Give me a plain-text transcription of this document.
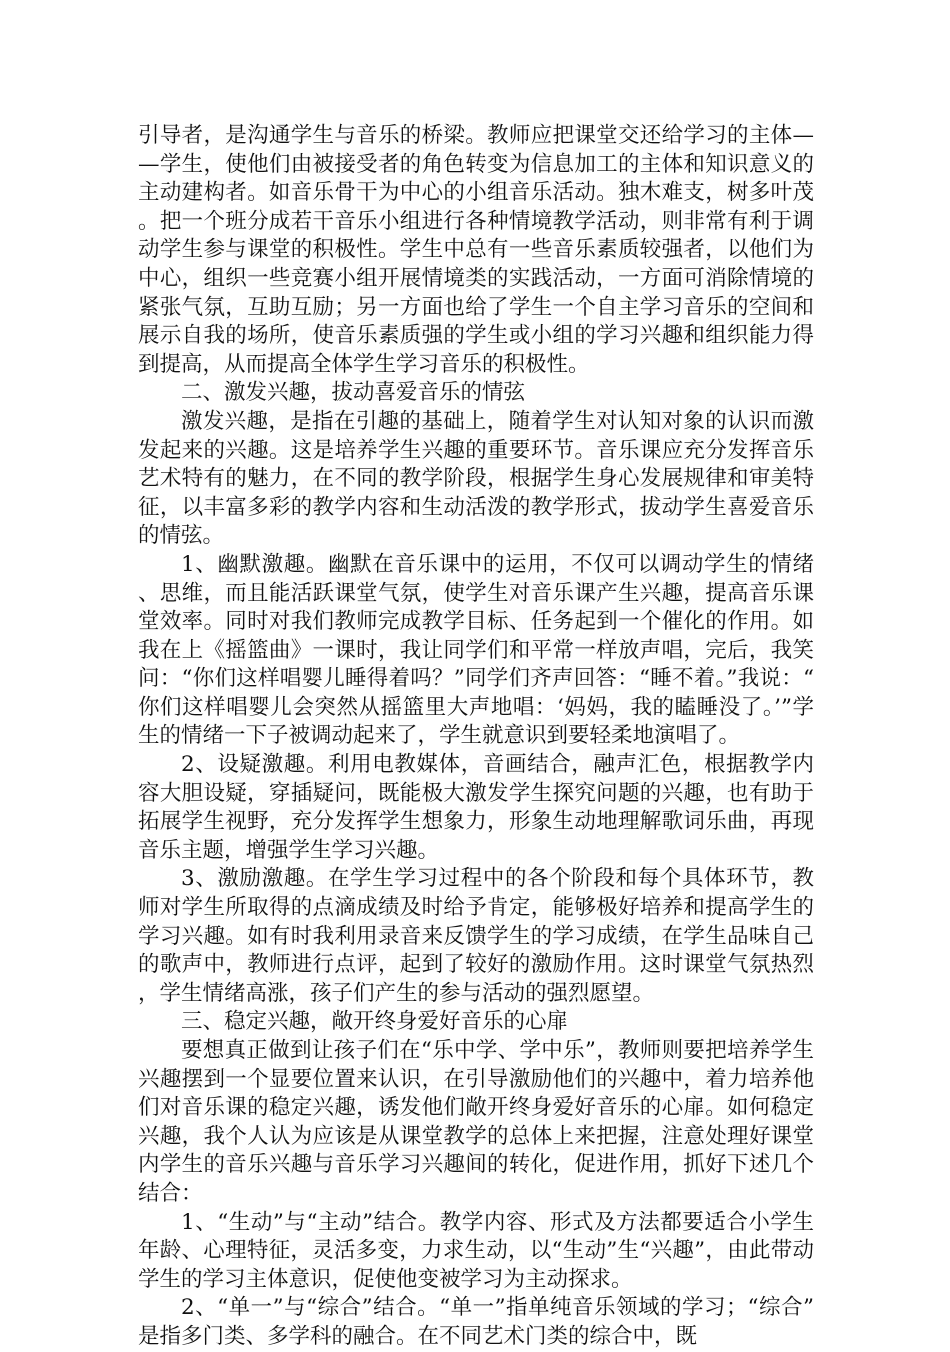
引导者，是沟通学生与音乐的桥梁。教师应把课堂交还给学习的主体——学生，使他们由被接受者的角色转变为信息加工的主体和知识意义的主动建构者。如音乐骨干为中心的小组音乐活动。独木难支，树多叶茂。把一个班分成若干音乐小组进行各种情境教学活动，则非常有利于调动学生参与课堂的积极性。学生中总有一些音乐素质较强者，以他们为中心，组织一些竞赛小组开展情境类的实践活动，一方面可消除情境的紧张气氛，互助互励；另一方面也给了学生一个自主学习音乐的空间和展示自我的场所，使音乐素质强的学生或小组的学习兴趣和组织能力得到提高，从而提高全体学生学习音乐的积极性。

二、激发兴趣，拔动喜爱音乐的情弦

激发兴趣，是指在引趣的基础上，随着学生对认知对象的认识而激发起来的兴趣。这是培养学生兴趣的重要环节。音乐课应充分发挥音乐艺术特有的魅力，在不同的教学阶段，根据学生身心发展规律和审美特征，以丰富多彩的教学内容和生动活泼的教学形式，拔动学生喜爱音乐的情弦。

1、幽默激趣。幽默在音乐课中的运用，不仅可以调动学生的情绪、思维，而且能活跃课堂气氛，使学生对音乐课产生兴趣，提高音乐课堂效率。同时对我们教师完成教学目标、任务起到一个催化的作用。如我在上《摇篮曲》一课时，我让同学们和平常一样放声唱，完后，我笑问：“你们这样唱婴儿睡得着吗？”同学们齐声回答：“睡不着。”我说：“你们这样唱婴儿会突然从摇篮里大声地唱：‘妈妈，我的瞌睡没了。’”学生的情绪一下子被调动起来了，学生就意识到要轻柔地演唱了。

2、设疑激趣。利用电教媒体，音画结合，融声汇色，根据教学内容大胆设疑，穿插疑问，既能极大激发学生探究问题的兴趣，也有助于拓展学生视野，充分发挥学生想象力，形象生动地理解歌词乐曲，再现音乐主题，增强学生学习兴趣。

3、激励激趣。在学生学习过程中的各个阶段和每个具体环节，教师对学生所取得的点滴成绩及时给予肯定，能够极好培养和提高学生的学习兴趣。如有时我利用录音来反馈学生的学习成绩，在学生品味自己的歌声中，教师进行点评，起到了较好的激励作用。这时课堂气氛热烈，学生情绪高涨，孩子们产生的参与活动的强烈愿望。

三、稳定兴趣，敞开终身爱好音乐的心扉

要想真正做到让孩子们在“乐中学、学中乐”，教师则要把培养学生兴趣摆到一个显要位置来认识，在引导激励他们的兴趣中，着力培养他们对音乐课的稳定兴趣，诱发他们敞开终身爱好音乐的心扉。如何稳定兴趣，我个人认为应该是从课堂教学的总体上来把握，注意处理好课堂内学生的音乐兴趣与音乐学习兴趣间的转化，促进作用，抓好下述几个结合：

1、“生动”与“主动”结合。教学内容、形式及方法都要适合小学生年龄、心理特征，灵活多变，力求生动，以“生动”生“兴趣”，由此带动学生的学习主体意识，促使他变被学习为主动探求。

2、“单一”与“综合”结合。“单一”指单纯音乐领域的学习；“综合”是指多门类、多学科的融合。在不同艺术门类的综合中，既
